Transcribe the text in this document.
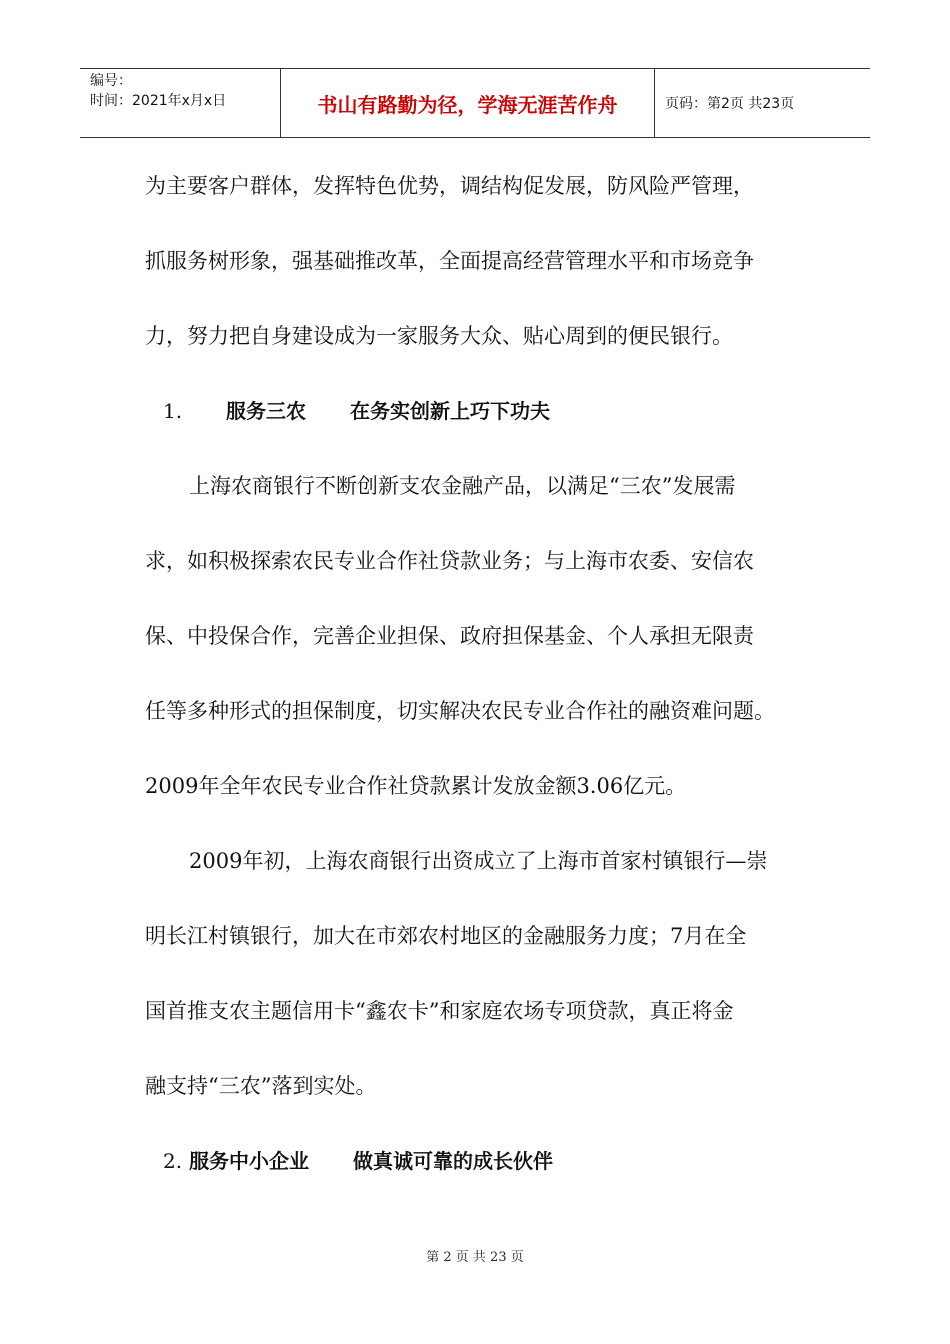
编号：
时间：2021年x月x日	书山有路勤为径，学海无涯苦作舟	页码：第2页 共23页
为主要客户群体，发挥特色优势，调结构促发展，防风险严管理，
抓服务树形象，强基础推改革，全面提高经营管理水平和市场竞争
力，努力把自身建设成为一家服务大众、贴心周到的便民银行。
1. 服务三农 在务实创新上巧下功夫
上海农商银行不断创新支农金融产品，以满足“三农”发展需
求，如积极探索农民专业合作社贷款业务；与上海市农委、安信农
保、中投保合作，完善企业担保、政府担保基金、个人承担无限责
任等多种形式的担保制度，切实解决农民专业合作社的融资难问题。
2009年全年农民专业合作社贷款累计发放金额3.06亿元。
2009年初，上海农商银行出资成立了上海市首家村镇银行—崇
明长江村镇银行，加大在市郊农村地区的金融服务力度；7月在全
国首推支农主题信用卡“鑫农卡”和家庭农场专项贷款，真正将金
融支持“三农”落到实处。
2. 服务中小企业 做真诚可靠的成长伙伴
第 2 页 共 23 页
